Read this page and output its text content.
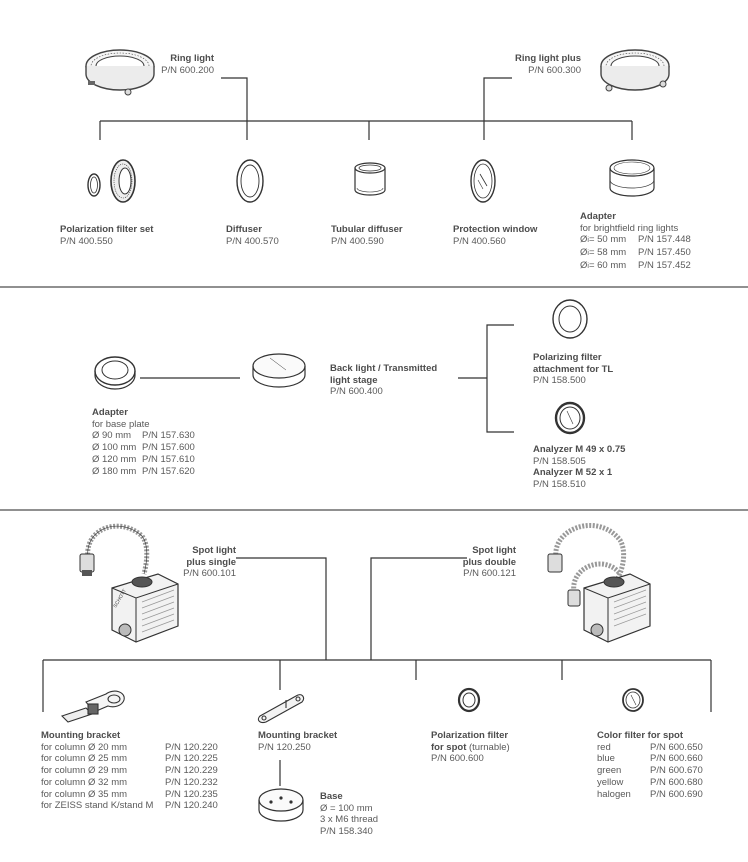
SCHOTT
Ring light
P/N 600.200
Ring light plus
P/N 600.300
Polarization filter set
P/N 400.550
Diffuser
P/N 400.570
Tubular diffuser
P/N 400.590
Protection window
P/N 400.560
Adapter
for brightfield ring lights
Øi= 50 mm	P/N 157.448
Øi= 58 mm	P/N 157.450
Øi= 60 mm	P/N 157.452
Adapter
for base plate
Ø 90 mm	P/N 157.630
Ø 100 mm P/N 157.600
Ø 120 mm P/N 157.610
Ø 180 mm P/N 157.620
Back light / Transmitted
light stage
P/N 600.400
Polarizing filter
attachment for TL
P/N 158.500
Analyzer M 49 x 0.75
P/N 158.505
Analyzer M 52 x 1
P/N 158.510
Spot light
plus single
P/N 600.101
Spot light
plus double
P/N 600.121
Mounting bracket
for column Ø 20 mm	P/N 120.220
for column Ø 25 mm	P/N 120.225
for column Ø 29 mm	P/N 120.229
for column Ø 32 mm	P/N 120.232
for column Ø 35 mm	P/N 120.235
for ZEISS stand K/stand M	P/N 120.240
Mounting bracket
P/N 120.250
Base
Ø = 100 mm
3 x M6 thread
P/N 158.340
Polarization filter
for spot (turnable)
P/N 600.600
Color filter for spot
red	P/N 600.650
blue	P/N 600.660
green	P/N 600.670
yellow	P/N 600.680
halogen	P/N 600.690
